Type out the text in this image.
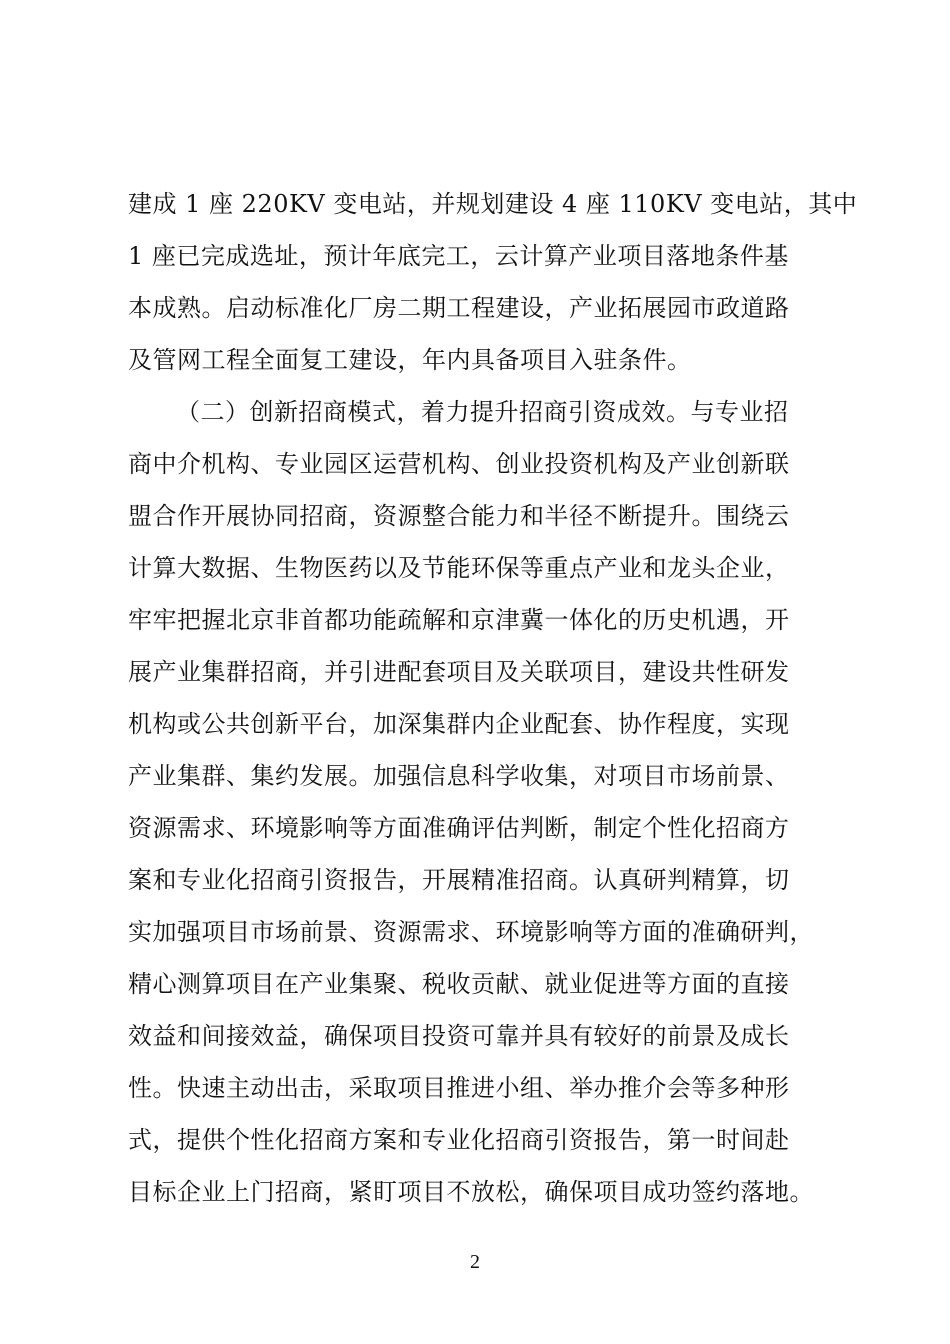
建成 1 座 220KV 变电站，并规划建设 4 座 110KV 变电站，其中
1 座已完成选址，预计年底完工，云计算产业项目落地条件基
本成熟。启动标准化厂房二期工程建设，产业拓展园市政道路
及管网工程全面复工建设，年内具备项目入驻条件。
（二）创新招商模式，着力提升招商引资成效。与专业招
商中介机构、专业园区运营机构、创业投资机构及产业创新联
盟合作开展协同招商，资源整合能力和半径不断提升。围绕云
计算大数据、生物医药以及节能环保等重点产业和龙头企业，
牢牢把握北京非首都功能疏解和京津冀一体化的历史机遇，开
展产业集群招商，并引进配套项目及关联项目，建设共性研发
机构或公共创新平台，加深集群内企业配套、协作程度，实现
产业集群、集约发展。加强信息科学收集，对项目市场前景、
资源需求、环境影响等方面准确评估判断，制定个性化招商方
案和专业化招商引资报告，开展精准招商。认真研判精算，切
实加强项目市场前景、资源需求、环境影响等方面的准确研判，
精心测算项目在产业集聚、税收贡献、就业促进等方面的直接
效益和间接效益，确保项目投资可靠并具有较好的前景及成长
性。快速主动出击，采取项目推进小组、举办推介会等多种形
式，提供个性化招商方案和专业化招商引资报告，第一时间赴
目标企业上门招商，紧盯项目不放松，确保项目成功签约落地。
2
